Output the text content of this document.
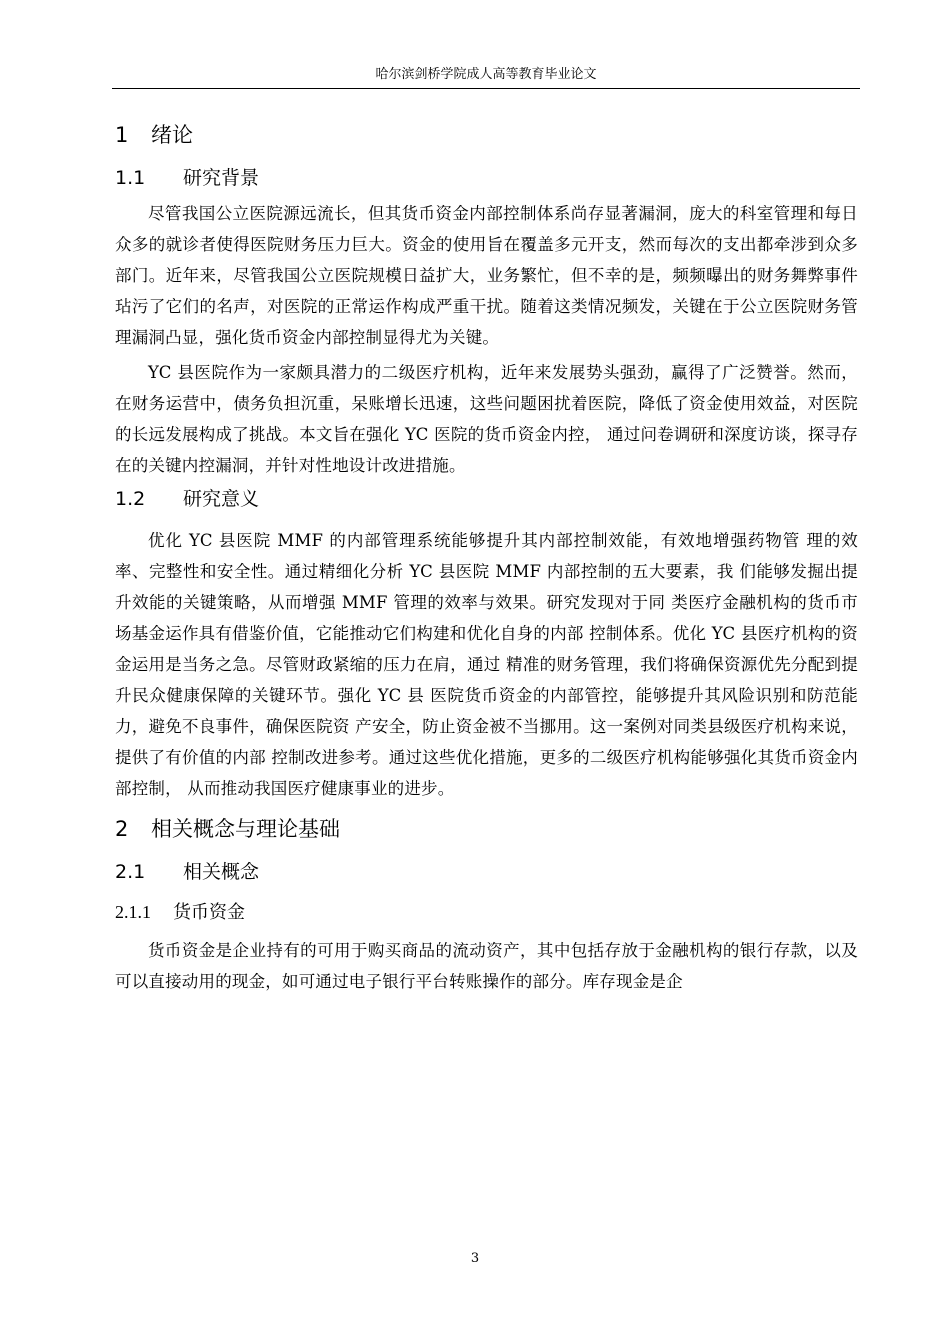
哈尔滨剑桥学院成人高等教育毕业论文
1 绪论
1.1 研究背景

尽管我国公立医院源远流长，但其货币资金内部控制体系尚存显著漏洞，庞大的科室管理和每日众多的就诊者使得医院财务压力巨大。资金的使用旨在覆盖多元开支，然而每次的支出都牵涉到众多部门。近年来，尽管我国公立医院规模日益扩大，业务繁忙，但不幸的是，频频曝出的财务舞弊事件玷污了它们的名声，对医院的正常运作构成严重干扰。随着这类情况频发，关键在于公立医院财务管理漏洞凸显，强化货币资金内部控制显得尤为关键。

YC 县医院作为一家颇具潜力的二级医疗机构，近年来发展势头强劲，赢得了广泛赞誉。然而，在财务运营中，债务负担沉重，呆账增长迅速，这些问题困扰着医院，降低了资金使用效益，对医院的长远发展构成了挑战。本文旨在强化 YC 医院的货币资金内控， 通过问卷调研和深度访谈，探寻存在的关键内控漏洞，并针对性地设计改进措施。

1.2 研究意义

优化 YC 县医院 MMF 的内部管理系统能够提升其内部控制效能，有效地增强药物管 理的效率、完整性和安全性。通过精细化分析 YC 县医院 MMF 内部控制的五大要素，我 们能够发掘出提升效能的关键策略，从而增强 MMF 管理的效率与效果。研究发现对于同 类医疗金融机构的货币市场基金运作具有借鉴价值，它能推动它们构建和优化自身的内部 控制体系。优化 YC 县医疗机构的资金运用是当务之急。尽管财政紧缩的压力在肩，通过 精准的财务管理，我们将确保资源优先分配到提升民众健康保障的关键环节。强化 YC 县 医院货币资金的内部管控，能够提升其风险识别和防范能力，避免不良事件，确保医院资 产安全，防止资金被不当挪用。这一案例对同类县级医疗机构来说，提供了有价值的内部 控制改进参考。通过这些优化措施，更多的二级医疗机构能够强化其货币资金内部控制， 从而推动我国医疗健康事业的进步。

2 相关概念与理论基础
2.1 相关概念
2.1.1 货币资金

货币资金是企业持有的可用于购买商品的流动资产，其中包括存放于金融机构的银行存款，以及可以直接动用的现金，如可通过电子银行平台转账操作的部分。库存现金是企

3
